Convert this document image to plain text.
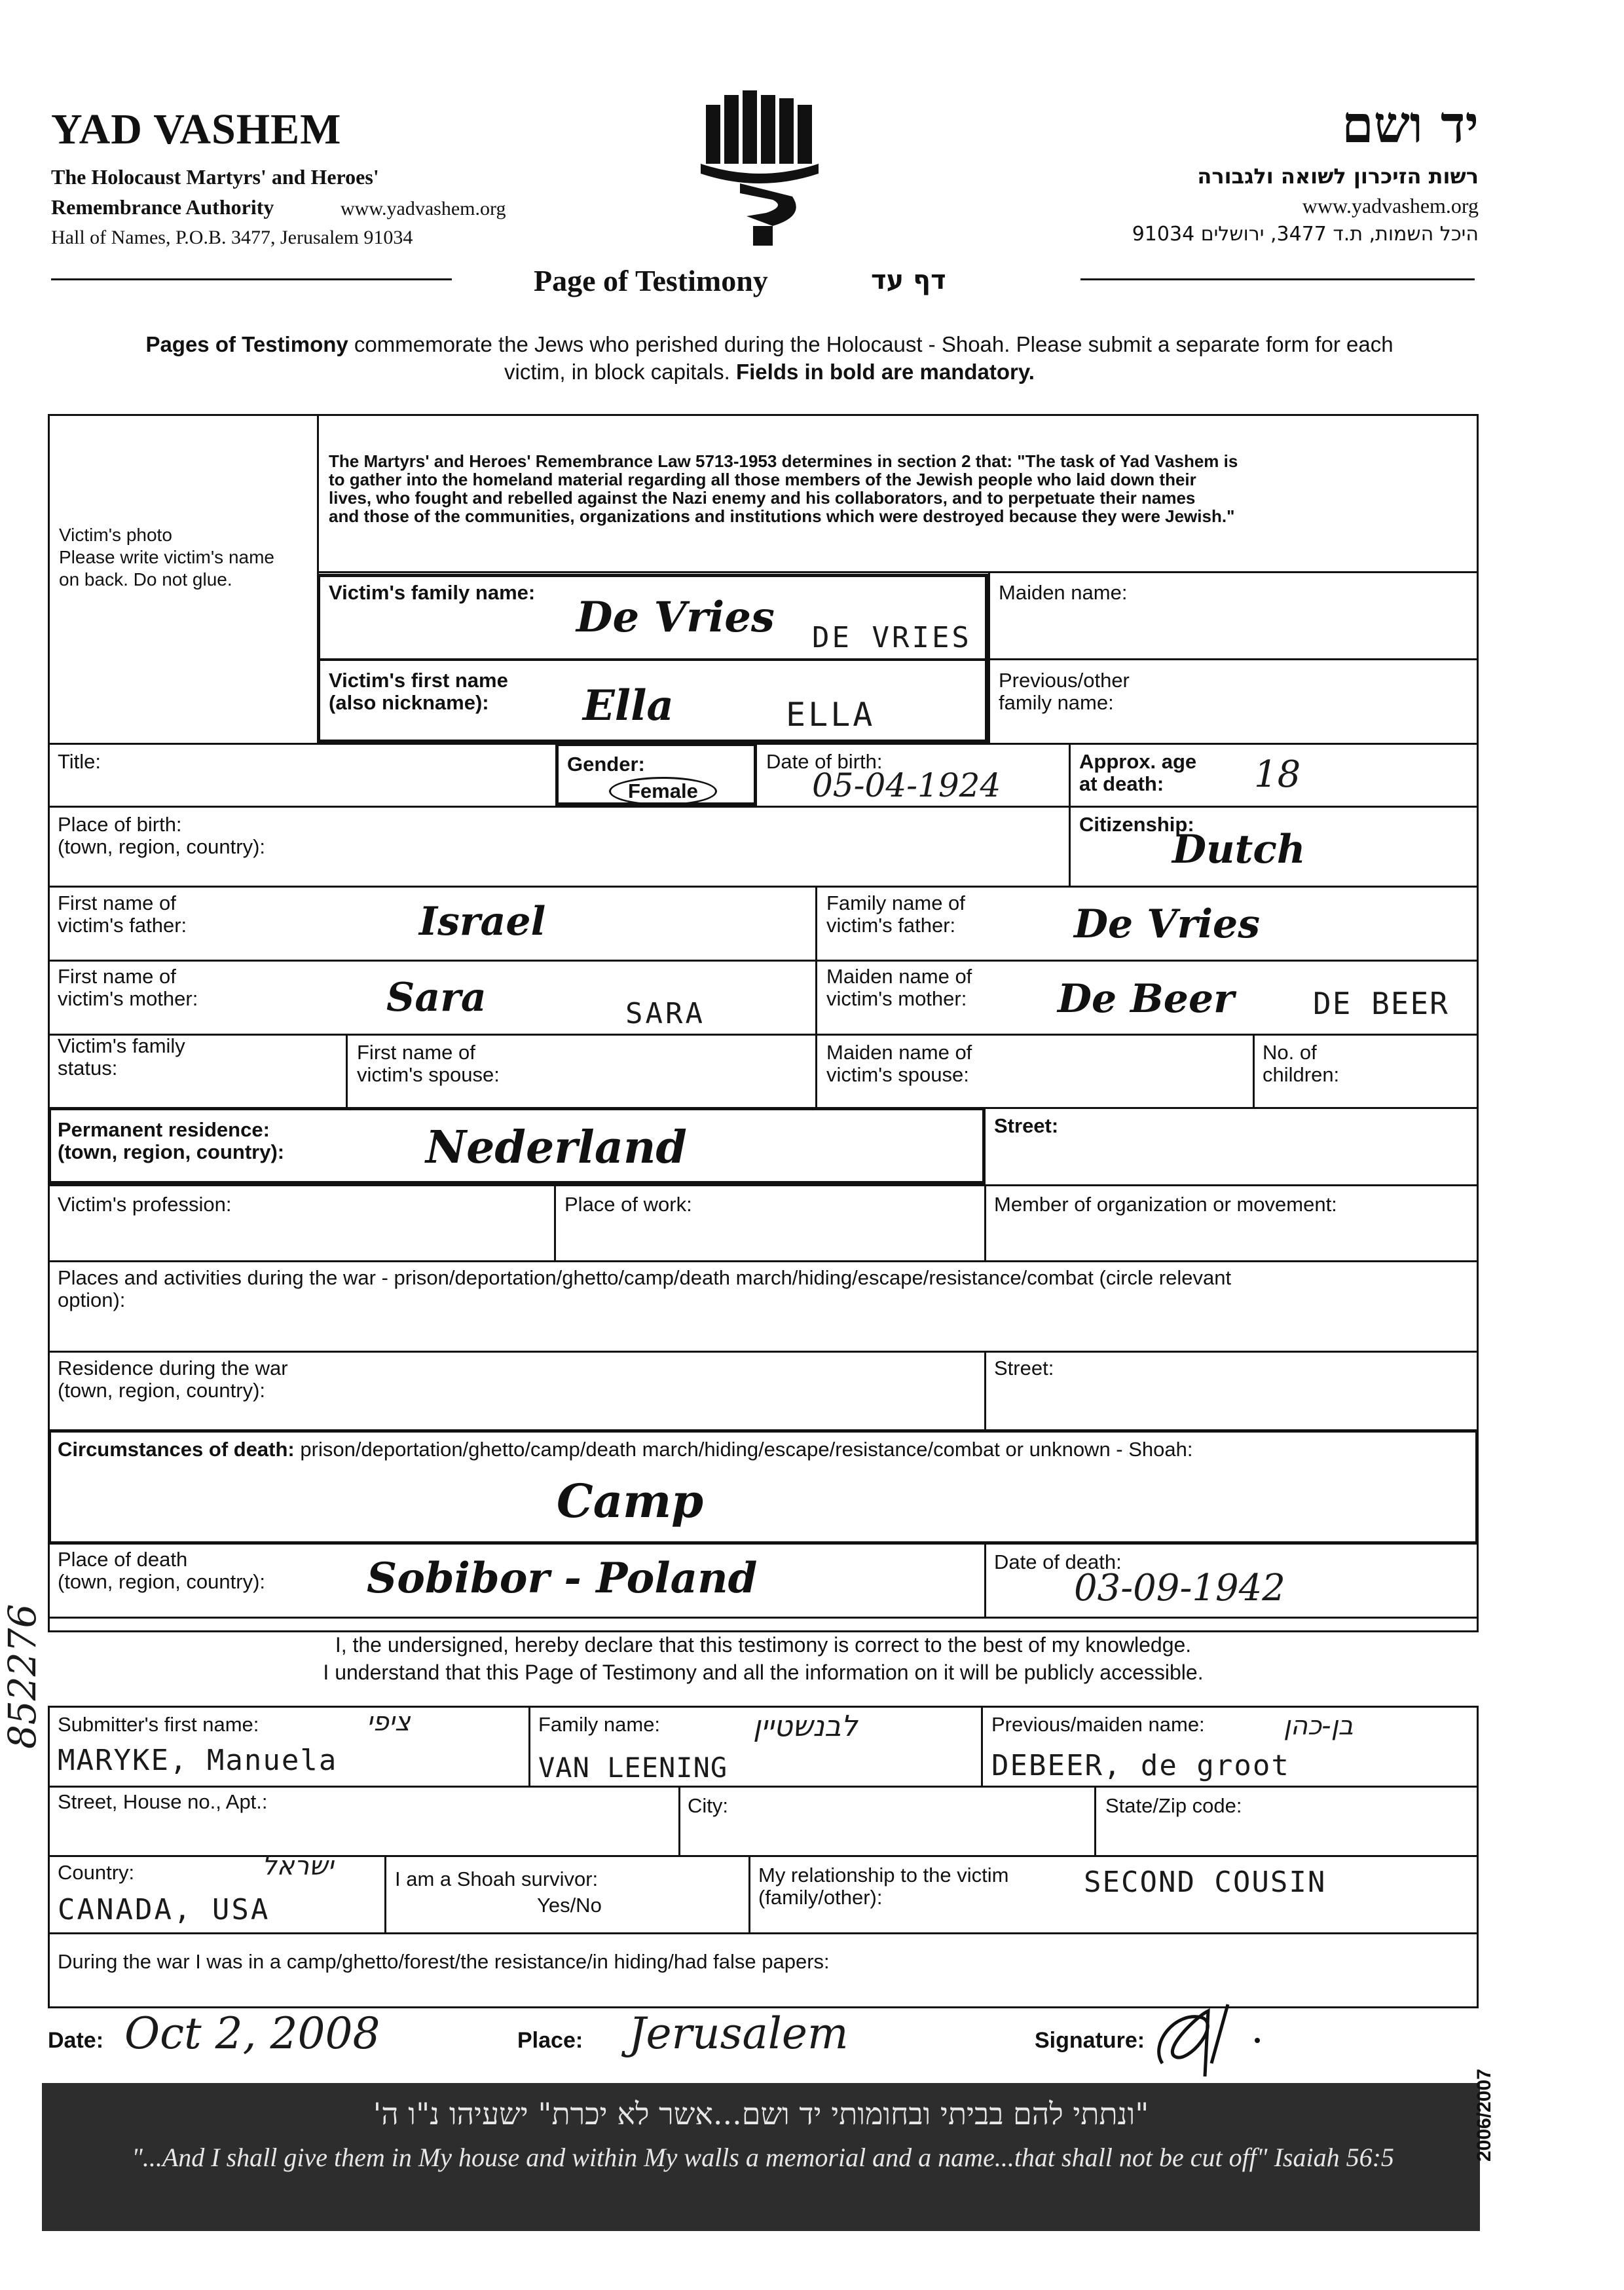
YAD VASHEM
The Holocaust Martyrs' and Heroes'
Remembrance Authority	www.yadvashem.org
Hall of Names, P.O.B. 3477, Jerusalem 91034
יד ושם
רשות הזיכרון לשואה ולגבורה
www.yadvashem.org
היכל השמות, ת.ד 3477, ירושלים 91034
Page of Testimony	דף עד
Pages of Testimony commemorate the Jews who perished during the Holocaust - Shoah. Please submit a separate form for each
victim, in block capitals. Fields in bold are mandatory.
Victim's photo
Please write victim's name
on back. Do not glue.
The Martyrs' and Heroes' Remembrance Law 5713-1953 determines in section 2 that: "The task of Yad Vashem is
to gather into the homeland material regarding all those members of the Jewish people who laid down their
lives, who fought and rebelled against the Nazi enemy and his collaborators, and to perpetuate their names
and those of the communities, organizations and institutions which were destroyed because they were Jewish."
Victim's family name:
De Vries DE VRIES
Maiden name:
Victim's first name
(also nickname):	Ella	ELLA
Previous/other
family name:
Title:	Gender:
Female
Date of birth:
05-04-1924
Approx. age
at death:	18
Place of birth:
(town, region, country):
Citizenship:
Dutch
First name of
victim's father:	Israel	Family name of
victim's father:	De Vries
First name of
victim's mother:	Sara	SARA
Maiden name of
victim's mother: De Beer	DE BEER
Victim's family
status:
First name of
victim's spouse:
Maiden name of
victim's spouse:
No. of
children:
Permanent residence:
(town, region, country):	Nederland	Street:
Victim's profession:	Place of work:	Member of organization or movement:
Places and activities during the war - prison/deportation/ghetto/camp/death march/hiding/escape/resistance/combat (circle relevant
option):
Residence during the war
(town, region, country):
Street:
Circumstances of death: prison/deportation/ghetto/camp/death march/hiding/escape/resistance/combat or unknown - Shoah:
Camp
Place of death
(town, region, country): Sobibor - Poland	Date of death:
03-09-1942
I, the undersigned, hereby declare that this testimony is correct to the best of my knowledge.
I understand that this Page of Testimony and all the information on it will be publicly accessible.
Submitter's first name:	ציפי
MARYKE, Manuela
Family name:	לבנשטיין
VAN LEENING
Previous/maiden name:	בן-כהן
DEBEER, de groot
Street, House no., Apt.:	City:	State/Zip code:
Country:	ישראל
CANADA, USA
I am a Shoah survivor:
Yes/No
My relationship to the victim
(family/other):	SECOND COUSIN
During the war I was in a camp/ghetto/forest/the resistance/in hiding/had false papers:
Date: Oct 2, 2008	Place: Jerusalem	Signature:
"ונתתי להם בביתי ובחומותי יד ושם...אשר לא יכרת" ישעיהו נ"ו ה'
"...And I shall give them in My house and within My walls a memorial and a name...that shall not be cut off" Isaiah 56:5	2006/2007
852276
